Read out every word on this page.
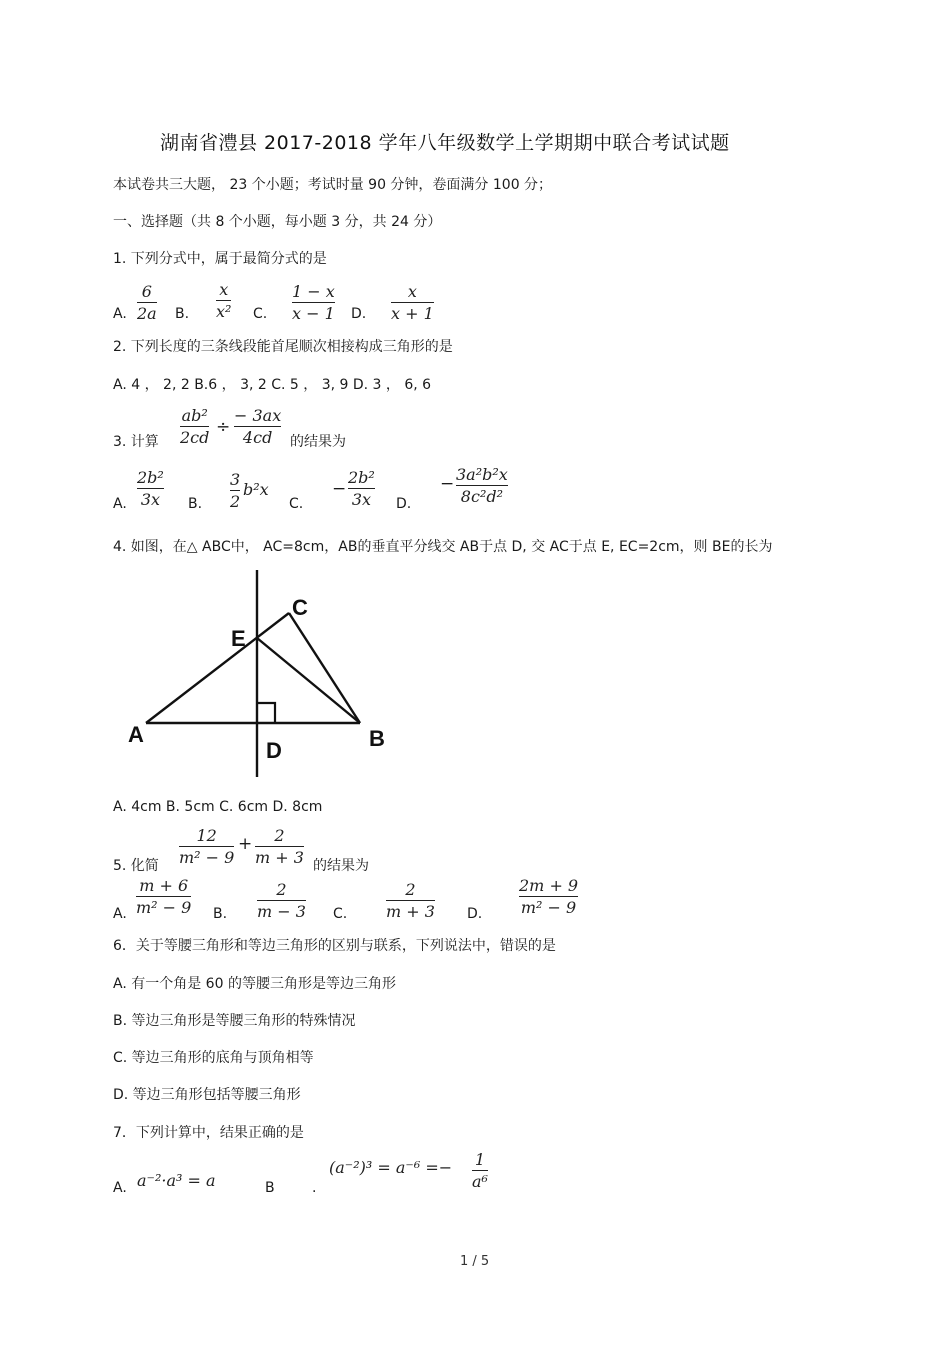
湖南省澧县 2017-2018 学年八年级数学上学期期中联合考试试题
本试卷共三大题， 23 个小题；考试时量 90 分钟，卷面满分 100 分；
一、选择题（共 8 个小题，每小题 3 分，共 24 分）
1. 下列分式中，属于最简分式的是
A.
6
2a B.
x
x² C.
1 − x
x − 1 D.
x
x + 1
2. 下列长度的三条线段能首尾顺次相接构成三角形的是
A. 4 ， 2, 2 B.6 ， 3, 2 C. 5 ， 3, 9 D. 3 ， 6, 6
3. 计算
ab²
2cd
÷
− 3ax
4cd 的结果为
A.
2b²
3x B.
3
2
b²x
C.
−
2b²
3x D.
− 3a²b²x
8c²d²
4. 如图，在△ ABC中， AC=8cm，AB的垂直平分线交 AB于点 D, 交 AC于点 E, EC=2cm，则 BE的长为
A	B
C
D
E
A. 4cm B. 5cm C. 6cm D. 8cm
5. 化简
12
m² − 9
+ 2
m + 3 的结果为
A.
m + 6
m² − 9 B.
2
m − 3 C.
2
m + 3 D.
2m + 9
m² − 9
6．关于等腰三角形和等边三角形的区别与联系，下列说法中，错误的是
A. 有一个角是 60 的等腰三角形是等边三角形
B. 等边三角形是等腰三角形的特殊情况
C. 等边三角形的底角与顶角相等
D. 等边三角形包括等腰三角形
7．下列计算中，结果正确的是
A. a⁻²·a³ = a	B	.
(a⁻²)³ = a⁻⁶ =− 1
a⁶
1 / 5
